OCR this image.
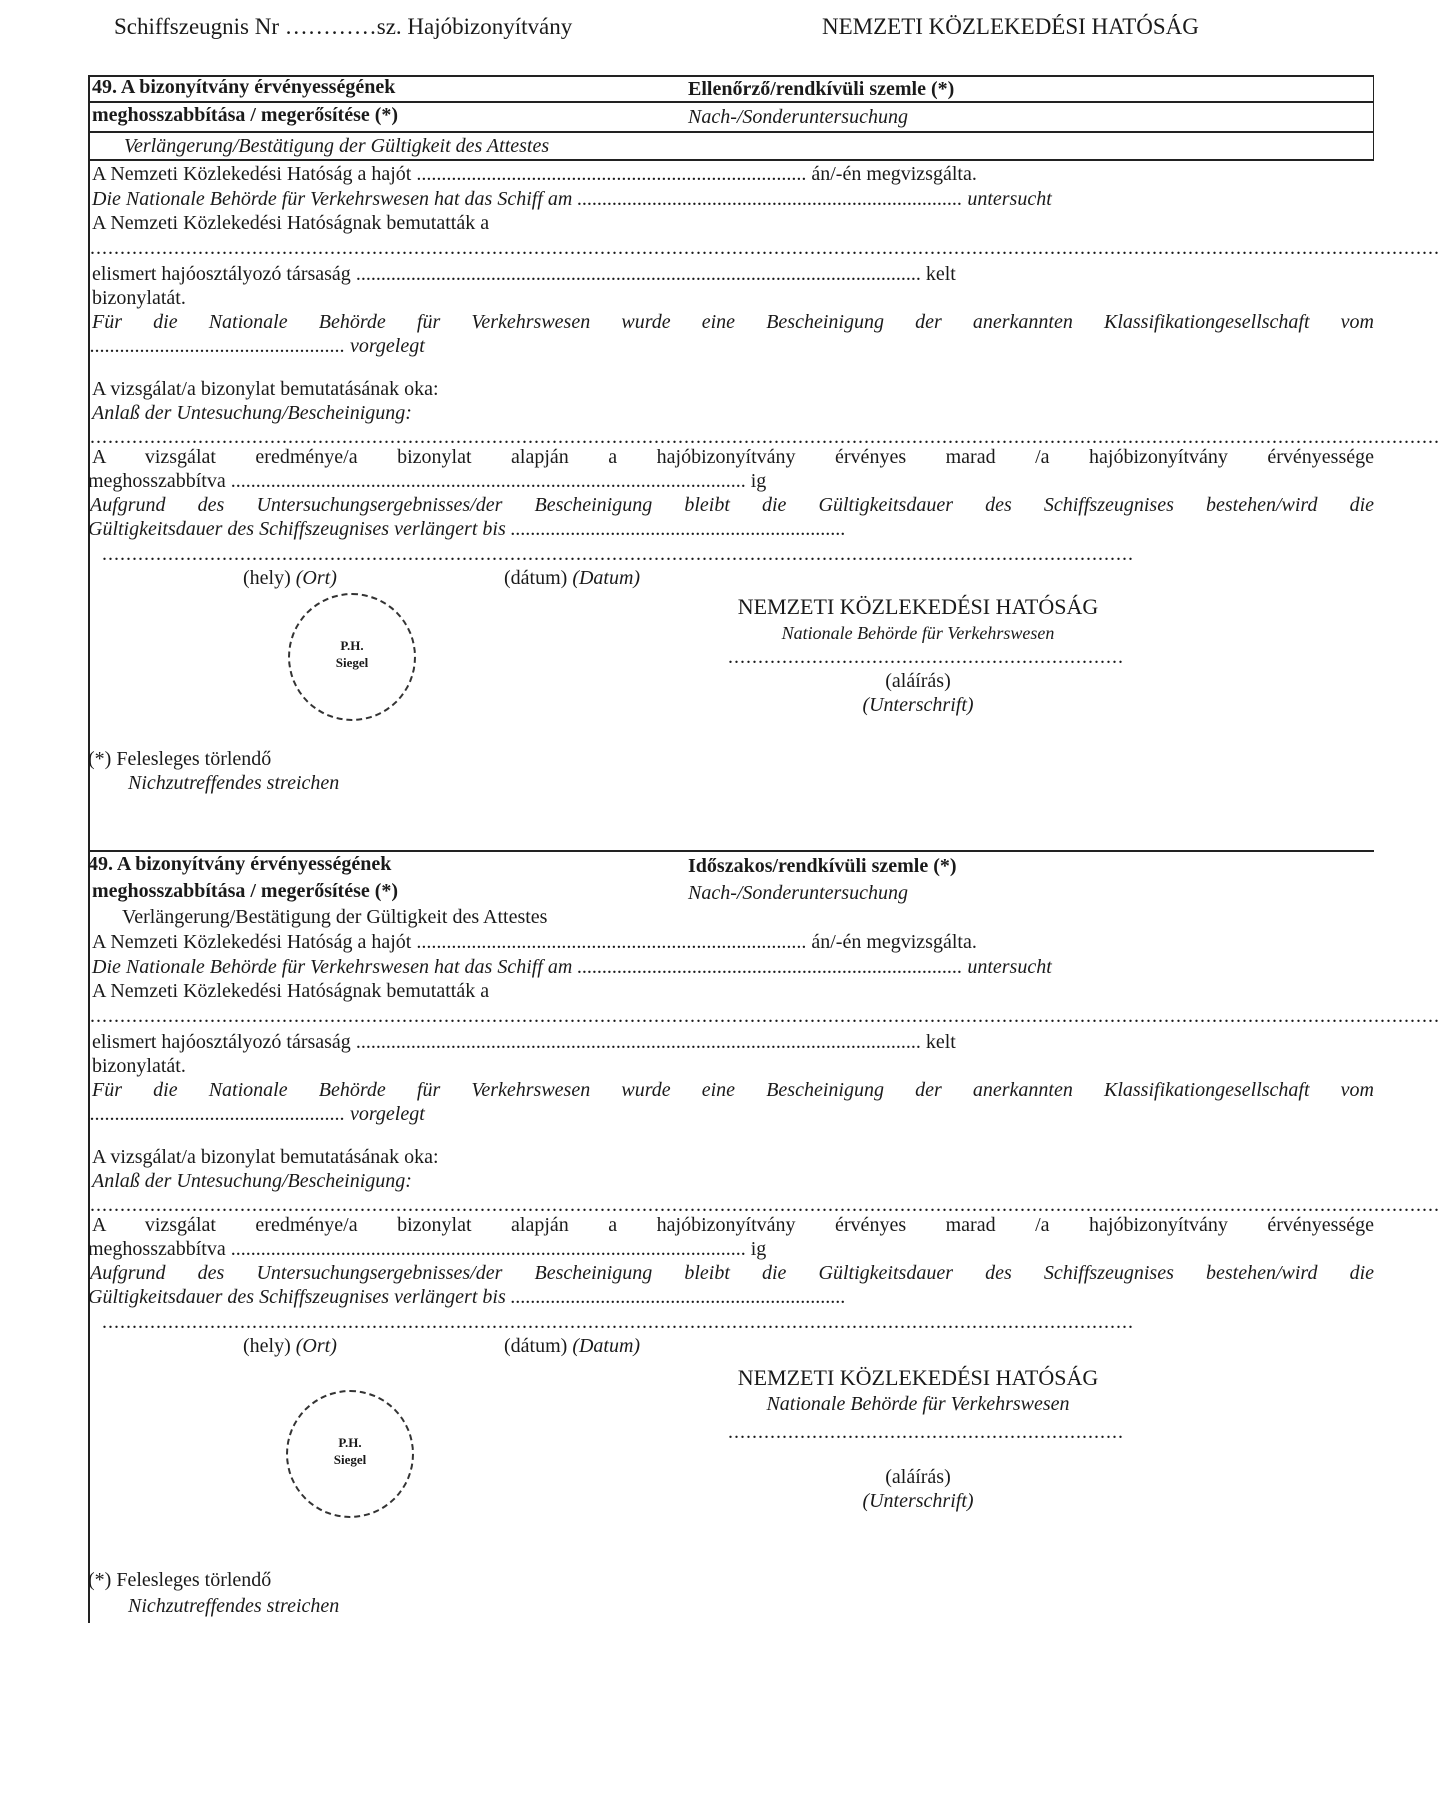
Schiffszeugnis Nr …………sz. Hajóbizonyítvány	NEMZETI KÖZLEKEDÉSI HATÓSÁG
49. A bizonyítvány érvényességének	Ellenőrző/rendkívüli szemle (*)
meghosszabbítása / megerősítése (*)	Nach-/Sonderuntersuchung
Verlängerung/Bestätigung der Gültigkeit des Attestes
A Nemzeti Közlekedési Hatóság a hajót .............................................................................. án/-én megvizsgálta.
Die Nationale Behörde für Verkehrswesen hat das Schiff am ............................................................................. untersucht
A Nemzeti Közlekedési Hatóságnak bemutatták a
.................................................................................................................................................................................................................................
elismert hajóosztályozó társaság ................................................................................................................. kelt
bizonylatát.
Für die Nationale Behörde für Verkehrswesen wurde eine Bescheinigung der anerkannten Klassifikationgesellschaft vom
................................................... vorgelegt
A vizsgálat/a bizonylat bemutatásának oka:
Anlaß der Untesuchung/Bescheinigung:
.................................................................................................................................................................................................................................
A vizsgálat eredménye/a bizonylat alapján a hajóbizonyítvány érvényes marad /a hajóbizonyítvány érvényessége
meghosszabbítva ....................................................................................................... ig
Aufgrund des Untersuchungsergebnisses/der Bescheinigung bleibt die Gültigkeitsdauer des Schiffszeugnises bestehen/wird die
Gültigkeitsdauer des Schiffszeugnises verlängert bis ...................................................................
............................................................................................................................................................................
(hely) (Ort)	(dátum) (Datum)
P.H.
Siegel
NEMZETI KÖZLEKEDÉSI HATÓSÁG
Nationale Behörde für Verkehrswesen
..................................................................
(aláírás)
(Unterschrift)
(*) Felesleges törlendő
Nichzutreffendes streichen
49. A bizonyítvány érvényességének	Időszakos/rendkívüli szemle (*)
meghosszabbítása / megerősítése (*)	Nach-/Sonderuntersuchung
Verlängerung/Bestätigung der Gültigkeit des Attestes
A Nemzeti Közlekedési Hatóság a hajót .............................................................................. án/-én megvizsgálta.
Die Nationale Behörde für Verkehrswesen hat das Schiff am ............................................................................. untersucht
A Nemzeti Közlekedési Hatóságnak bemutatták a
.................................................................................................................................................................................................................................
elismert hajóosztályozó társaság ................................................................................................................. kelt
bizonylatát.
Für die Nationale Behörde für Verkehrswesen wurde eine Bescheinigung der anerkannten Klassifikationgesellschaft vom
................................................... vorgelegt
A vizsgálat/a bizonylat bemutatásának oka:
Anlaß der Untesuchung/Bescheinigung:
.................................................................................................................................................................................................................................
A vizsgálat eredménye/a bizonylat alapján a hajóbizonyítvány érvényes marad /a hajóbizonyítvány érvényessége
meghosszabbítva ....................................................................................................... ig
Aufgrund des Untersuchungsergebnisses/der Bescheinigung bleibt die Gültigkeitsdauer des Schiffszeugnises bestehen/wird die
Gültigkeitsdauer des Schiffszeugnises verlängert bis ...................................................................
............................................................................................................................................................................
(hely) (Ort)	(dátum) (Datum)
P.H.
Siegel
NEMZETI KÖZLEKEDÉSI HATÓSÁG
Nationale Behörde für Verkehrswesen
..................................................................
(aláírás)
(Unterschrift)
(*) Felesleges törlendő
Nichzutreffendes streichen
